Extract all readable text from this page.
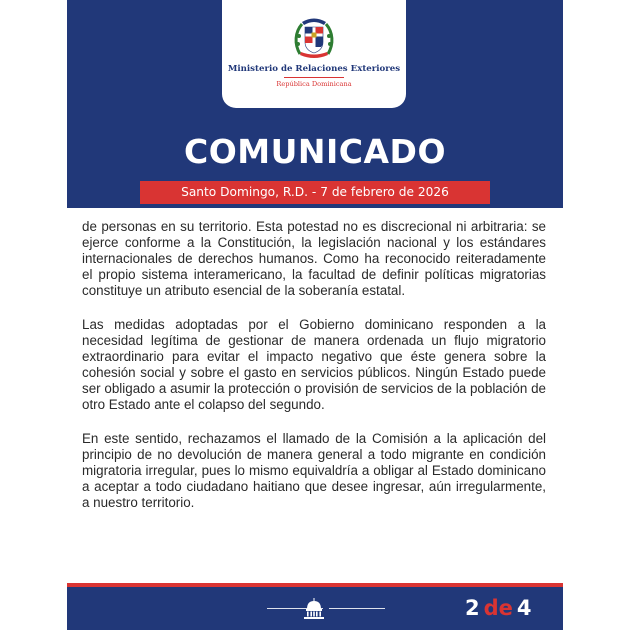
Ministerio de Relaciones Exteriores
República Dominicana
COMUNICADO
Santo Domingo, R.D. - 7 de febrero de 2026

de personas en su territorio. Esta potestad no es discrecional ni arbitraria: se ejerce conforme a la Constitución, la legislación nacional y los estándares internacionales de derechos humanos. Como ha reconocido reiteradamente el propio sistema interamericano, la facultad de definir políticas migratorias constituye un atributo esencial de la soberanía estatal.

Las medidas adoptadas por el Gobierno dominicano responden a la necesidad legítima de gestionar de manera ordenada un flujo migratorio extraordinario para evitar el impacto negativo que éste genera sobre la cohesión social y sobre el gasto en servicios públicos. Ningún Estado puede ser obligado a asumir la protección o provisión de servicios de la población de otro Estado ante el colapso del segundo.

En este sentido, rechazamos el llamado de la Comisión a la aplicación del principio de no devolución de manera general a todo migrante en condición migratoria irregular, pues lo mismo equivaldría a obligar al Estado dominicano a aceptar a todo ciudadano haitiano que desee ingresar, aún irregularmente, a nuestro territorio.

2 de 4
